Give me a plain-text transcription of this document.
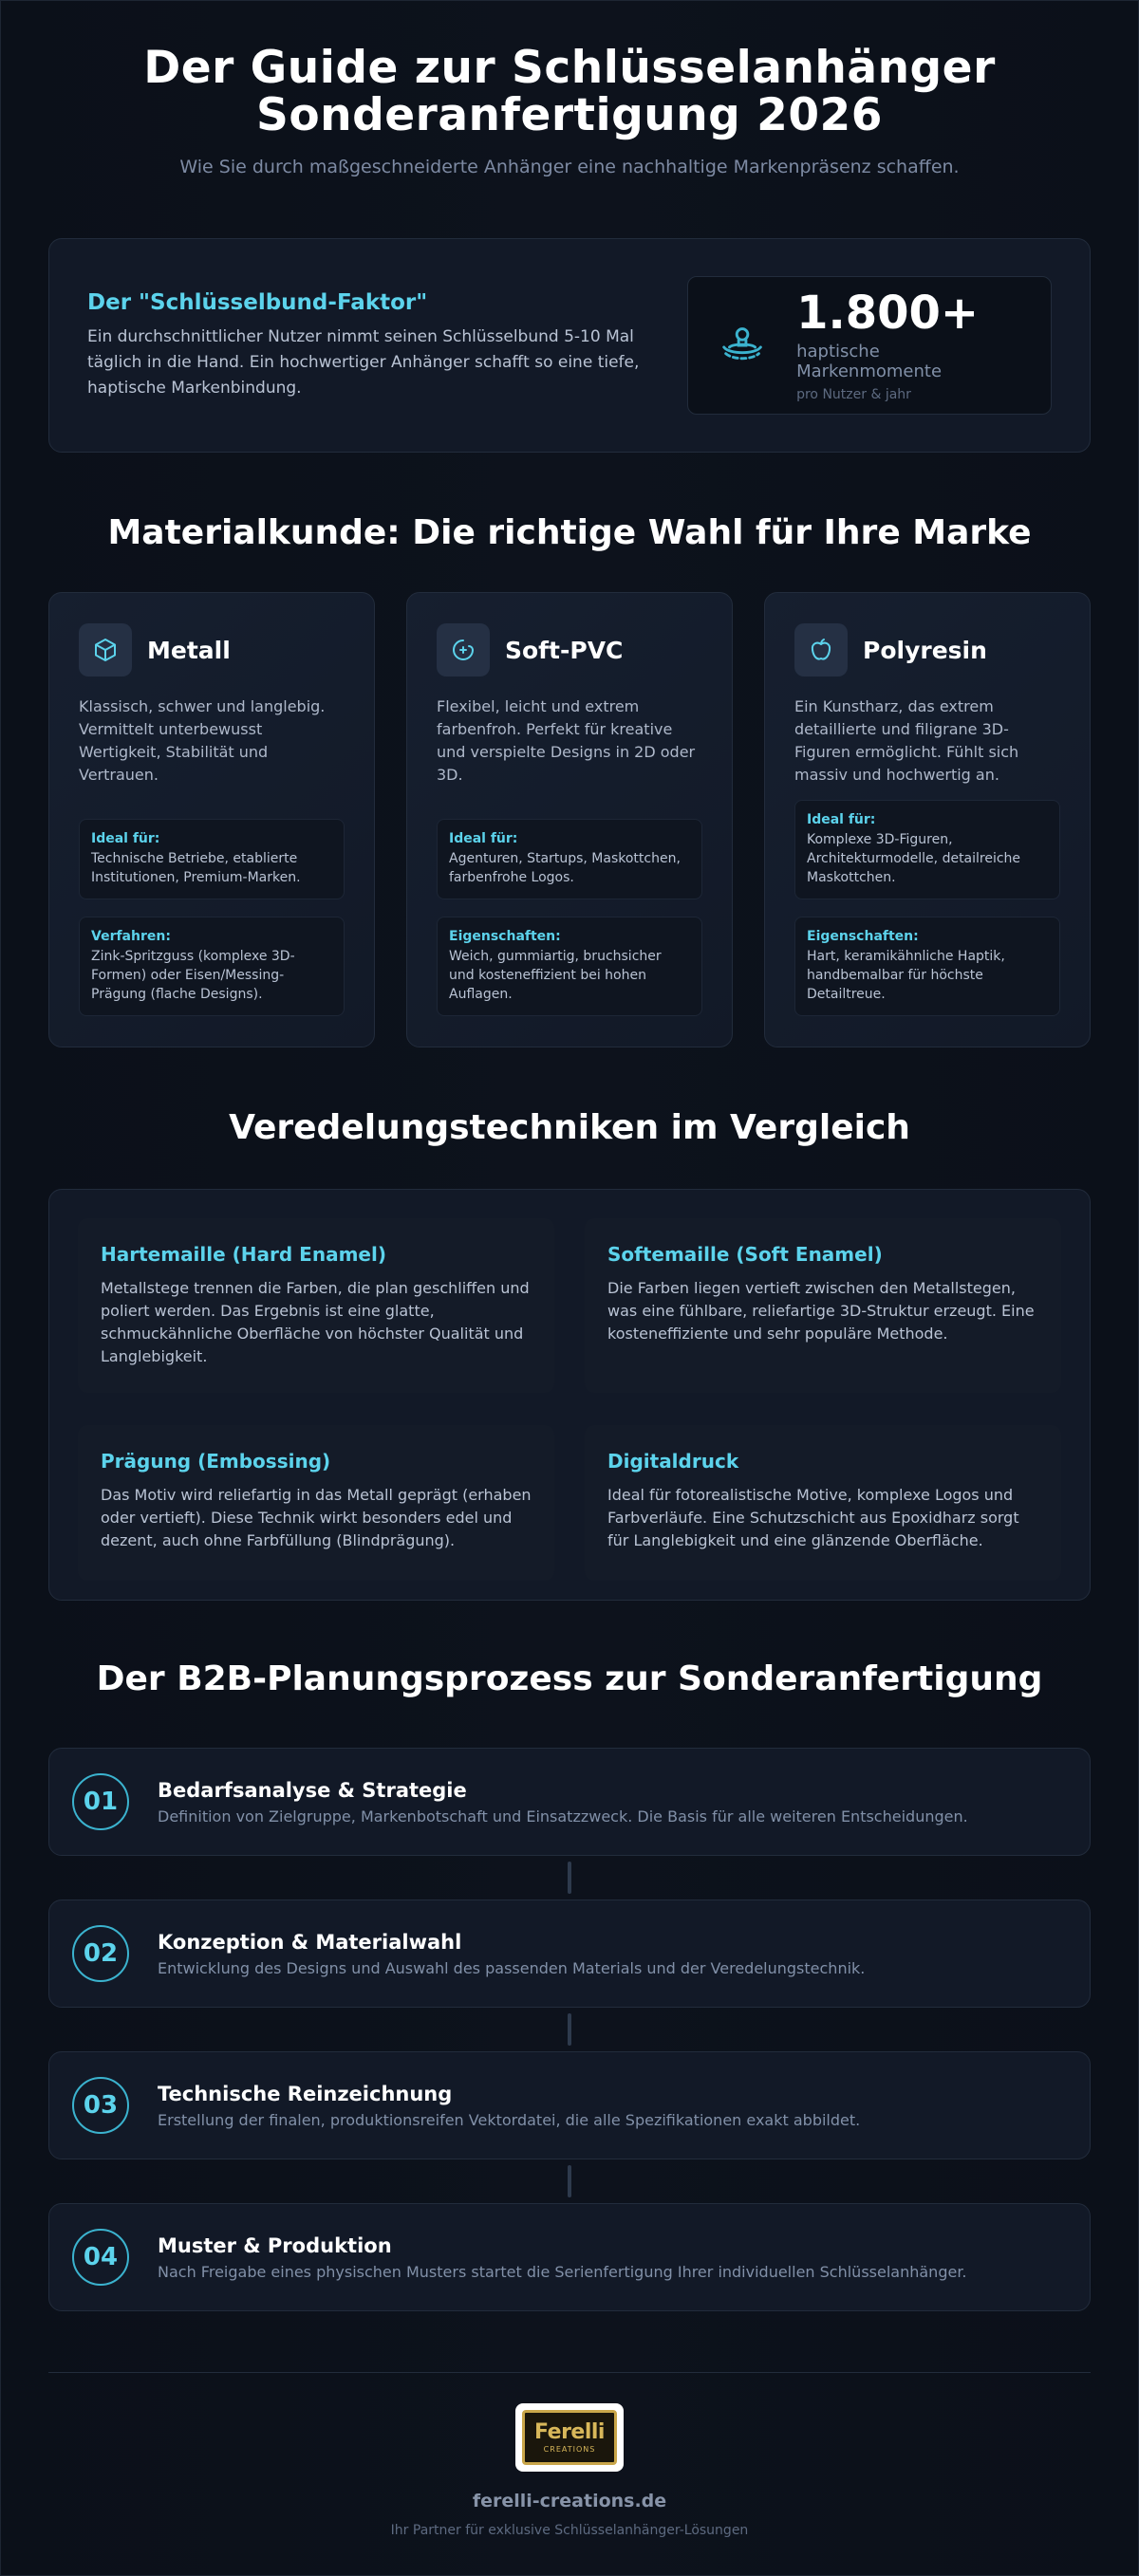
Der Guide zur Schlüsselanhänger
Sonderanfertigung 2026

Wie Sie durch maßgeschneiderte Anhänger eine nachhaltige Markenpräsenz schaffen.

Der "Schlüsselbund-Faktor"

Ein durchschnittlicher Nutzer nimmt seinen Schlüsselbund 5-10 Mal täglich in die Hand. Ein hochwertiger Anhänger schafft so eine tiefe, haptische Markenbindung.

1.800+
haptische Markenmomente
pro Nutzer & jahr
Materialkunde: Die richtige Wahl für Ihre Marke
Metall

Klassisch, schwer und langlebig. Vermittelt unterbewusst Wertigkeit, Stabilität und Vertrauen.

Ideal für:
Technische Betriebe, etablierte Institutionen, Premium-Marken.
Verfahren:
Zink-Spritzguss (komplexe 3D-Formen) oder Eisen/Messing-Prägung (flache Designs).
Soft-PVC

Flexibel, leicht und extrem farbenfroh. Perfekt für kreative und verspielte Designs in 2D oder 3D.

Ideal für:
Agenturen, Startups, Maskottchen, farbenfrohe Logos.
Eigenschaften:
Weich, gummiartig, bruchsicher und kosteneffizient bei hohen Auflagen.
Polyresin

Ein Kunstharz, das extrem detaillierte und filigrane 3D-Figuren ermöglicht. Fühlt sich massiv und hochwertig an.

Ideal für:
Komplexe 3D-Figuren, Architekturmodelle, detailreiche Maskottchen.
Eigenschaften:
Hart, keramikähnliche Haptik, handbemalbar für höchste Detailtreue.
Veredelungstechniken im Vergleich
Hartemaille (Hard Enamel)

Metallstege trennen die Farben, die plan geschliffen und poliert werden. Das Ergebnis ist eine glatte, schmuckähnliche Oberfläche von höchster Qualität und Langlebigkeit.

Softemaille (Soft Enamel)

Die Farben liegen vertieft zwischen den Metallstegen, was eine fühlbare, reliefartige 3D-Struktur erzeugt. Eine kosteneffiziente und sehr populäre Methode.

Prägung (Embossing)

Das Motiv wird reliefartig in das Metall geprägt (erhaben oder vertieft). Diese Technik wirkt besonders edel und dezent, auch ohne Farbfüllung (Blindprägung).

Digitaldruck

Ideal für fotorealistische Motive, komplexe Logos und Farbverläufe. Eine Schutzschicht aus Epoxidharz sorgt für Langlebigkeit und eine glänzende Oberfläche.

Der B2B-Planungsprozess zur Sonderanfertigung
01	Bedarfsanalyse & Strategie
Definition von Zielgruppe, Markenbotschaft und Einsatzzweck. Die Basis für alle weiteren Entscheidungen.
02	Konzeption & Materialwahl
Entwicklung des Designs und Auswahl des passenden Materials und der Veredelungstechnik.
03	Technische Reinzeichnung
Erstellung der finalen, produktionsreifen Vektordatei, die alle Spezifikationen exakt abbildet.
04	Muster & Produktion
Nach Freigabe eines physischen Musters startet die Serienfertigung Ihrer individuellen Schlüsselanhänger.
Ferelli
CREATIONS
ferelli-creations.de
Ihr Partner für exklusive Schlüsselanhänger-Lösungen
